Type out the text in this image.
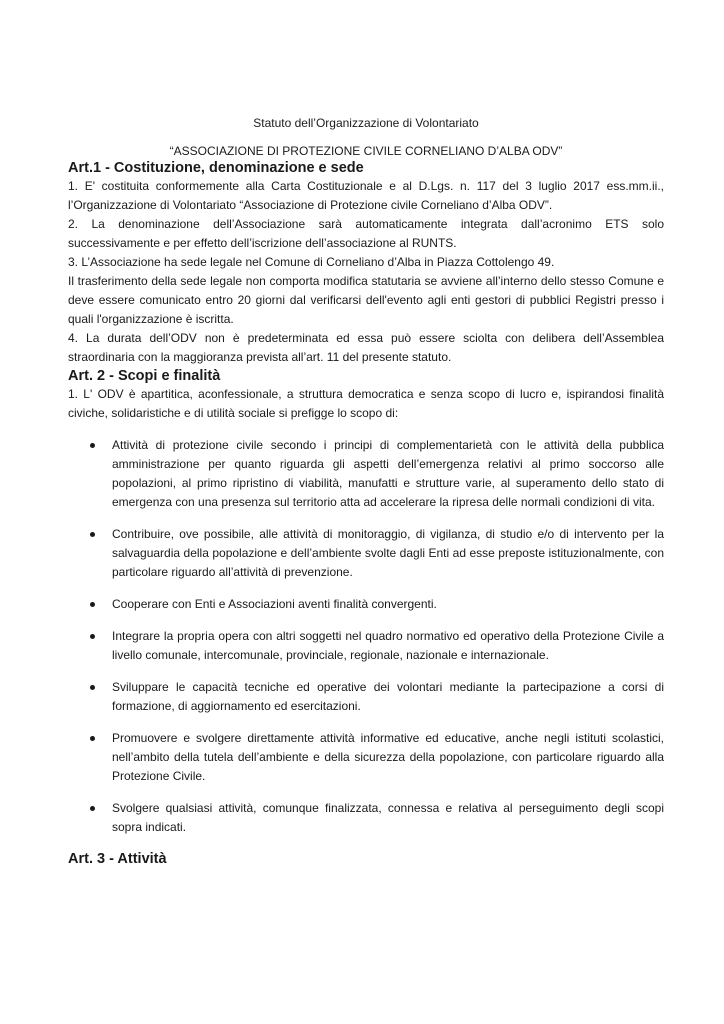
Statuto dell’Organizzazione di Volontariato
“ASSOCIAZIONE DI PROTEZIONE CIVILE CORNELIANO D’ALBA ODV”
Art.1 - Costituzione, denominazione e sede

1. E' costituita conformemente alla Carta Costituzionale e al D.Lgs. n. 117 del 3 luglio 2017 ess.mm.ii., l’Organizzazione di Volontariato “Associazione di Protezione civile Corneliano d’Alba ODV”.

2. La denominazione dell’Associazione sarà automaticamente integrata dall’acronimo ETS solo successivamente e per effetto dell’iscrizione dell’associazione al RUNTS.

3. L’Associazione ha sede legale nel Comune di Corneliano d’Alba in Piazza Cottolengo 49.

Il trasferimento della sede legale non comporta modifica statutaria se avviene all’interno dello stesso Comune e deve essere comunicato entro 20 giorni dal verificarsi dell'evento agli enti gestori di pubblici Registri presso i quali l'organizzazione è iscritta.

4. La durata dell’ODV non è predeterminata ed essa può essere sciolta con delibera dell’Assemblea straordinaria con la maggioranza prevista all’art. 11 del presente statuto.

Art. 2 - Scopi e finalità

1. L' ODV è apartitica, aconfessionale, a struttura democratica e senza scopo di lucro e, ispirandosi finalità civiche, solidaristiche e di utilità sociale si prefigge lo scopo di:

Attività di protezione civile secondo i principi di complementarietà con le attività della pubblica amministrazione per quanto riguarda gli aspetti dell’emergenza relativi al primo soccorso alle popolazioni, al primo ripristino di viabilità, manufatti e strutture varie, al superamento dello stato di emergenza con una presenza sul territorio atta ad accelerare la ripresa delle normali condizioni di vita.
Contribuire, ove possibile, alle attività di monitoraggio, di vigilanza, di studio e/o di intervento per la salvaguardia della popolazione e dell’ambiente svolte dagli Enti ad esse preposte istituzionalmente, con particolare riguardo all’attività di prevenzione.
Cooperare con Enti e Associazioni aventi finalità convergenti.
Integrare la propria opera con altri soggetti nel quadro normativo ed operativo della Protezione Civile a livello comunale, intercomunale, provinciale, regionale, nazionale e internazionale.
Sviluppare le capacità tecniche ed operative dei volontari mediante la partecipazione a corsi di formazione, di aggiornamento ed esercitazioni.
Promuovere e svolgere direttamente attività informative ed educative, anche negli istituti scolastici, nell’ambito della tutela dell’ambiente e della sicurezza della popolazione, con particolare riguardo alla Protezione Civile.
Svolgere qualsiasi attività, comunque finalizzata, connessa e relativa al perseguimento degli scopi sopra indicati.
Art. 3 - Attività
